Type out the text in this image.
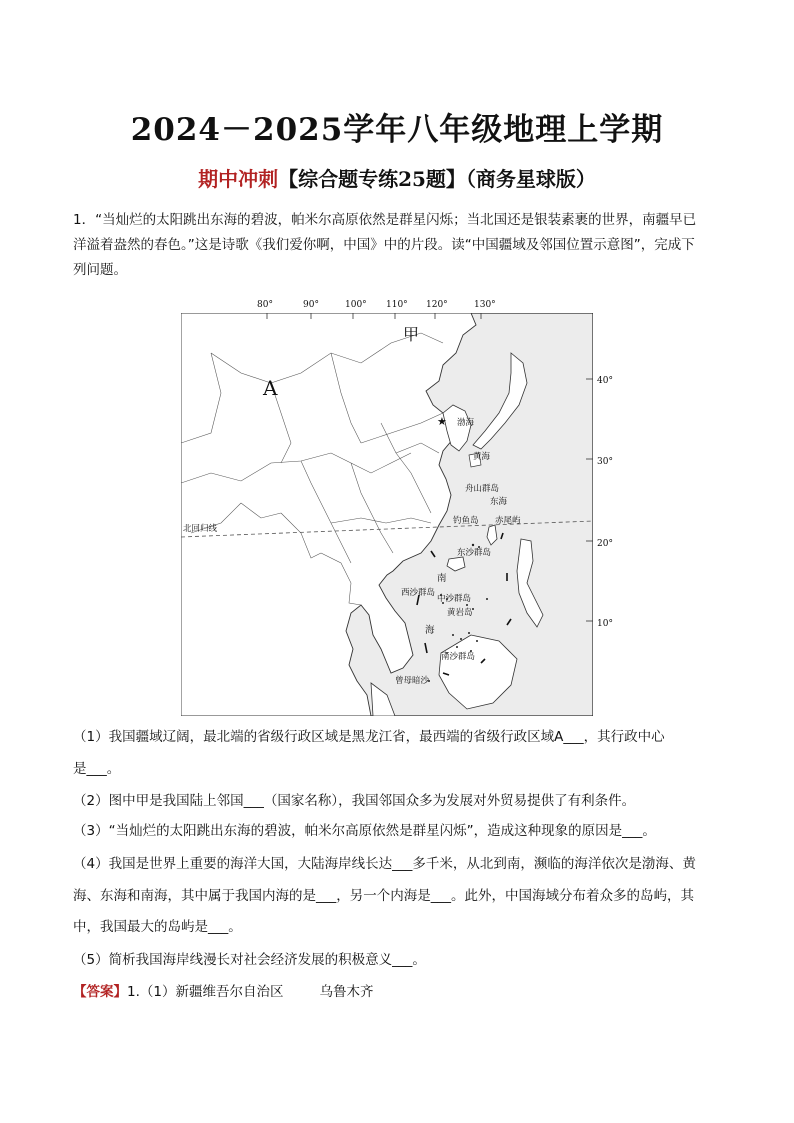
2024－2025学年八年级地理上学期
期中冲刺【综合题专练25题】（商务星球版）
1．“当灿烂的太阳跳出东海的碧波，帕米尔高原依然是群星闪烁；当北国还是银装素裹的世界，南疆早已
洋溢着盎然的春色。”这是诗歌《我们爱你啊，中国》中的片段。读“中国疆域及邻国位置示意图”，完成下
列问题。
80°	90°	100° 110° 120°	130°
40°
30°
20°
10°
★
A
甲
渤海
黄海
舟山群岛
东海
钓鱼岛 赤尾屿
北回归线
东沙群岛
南
西沙群岛
中沙群岛
黄岩岛
海
南沙群岛
曾母暗沙
（1）我国疆域辽阔，最北端的省级行政区域是黑龙江省，最西端的省级行政区域A___，其行政中心
是___。
（2）图中甲是我国陆上邻国___（国家名称），我国邻国众多为发展对外贸易提供了有利条件。
（3）“当灿烂的太阳跳出东海的碧波，帕米尔高原依然是群星闪烁”，造成这种现象的原因是___。
（4）我国是世界上重要的海洋大国，大陆海岸线长达___多千米，从北到南，濒临的海洋依次是渤海、黄
海、东海和南海，其中属于我国内海的是___，另一个内海是___。此外，中国海域分布着众多的岛屿，其
中，我国最大的岛屿是___。
（5）简析我国海岸线漫长对社会经济发展的积极意义___。
【答案】1.（1）新疆维吾尔自治区	乌鲁木齐
